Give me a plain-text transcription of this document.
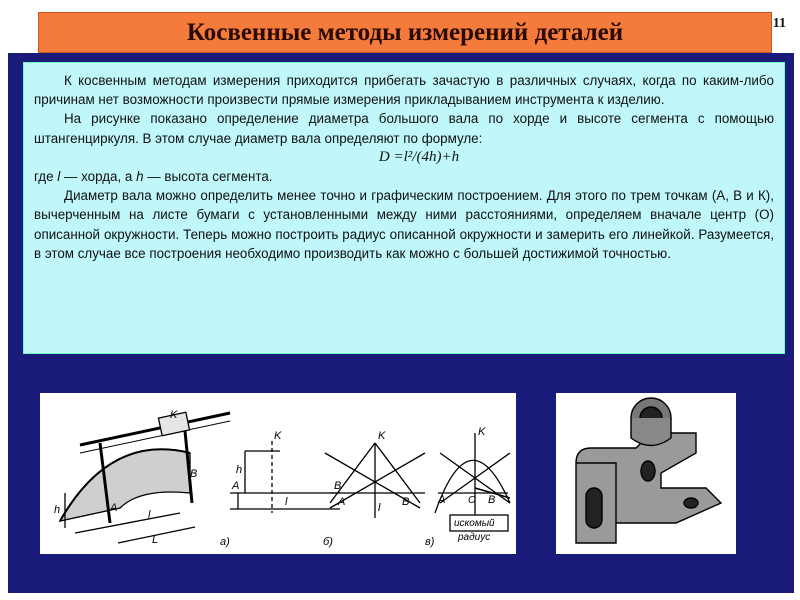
Косвенные методы измерений деталей	11

К косвенным методам измерения приходится прибегать зачастую в различных случаях, когда по каким-либо причинам нет возможности произвести прямые измерения прикладыванием инструмента к изделию.

На рисунке показано определение диаметра большого вала по хорде и высоте сегмента с помощью штангенциркуля. В этом случае диаметр вала определяют по формуле:

D =l²/(4h)+h

где l — хорда, а h — высота сегмента.

Диаметр вала можно определить менее точно и графическим построением. Для этого по трем точкам (А, В и К), вычерченным на листе бумаги с установленными между ними расстояниями, определяем вначале центр (О) описанной окружности. Теперь можно построить радиус описанной окружности и замерить его линейкой. Разумеется, в этом случае все построения необходимо производить как можно с большей достижимой точностью.

K
A
B
h	l
L
K
A	B
h
l
K
A	B
l
K
A	B
O
искомый
радиус
а)	б)	в)
